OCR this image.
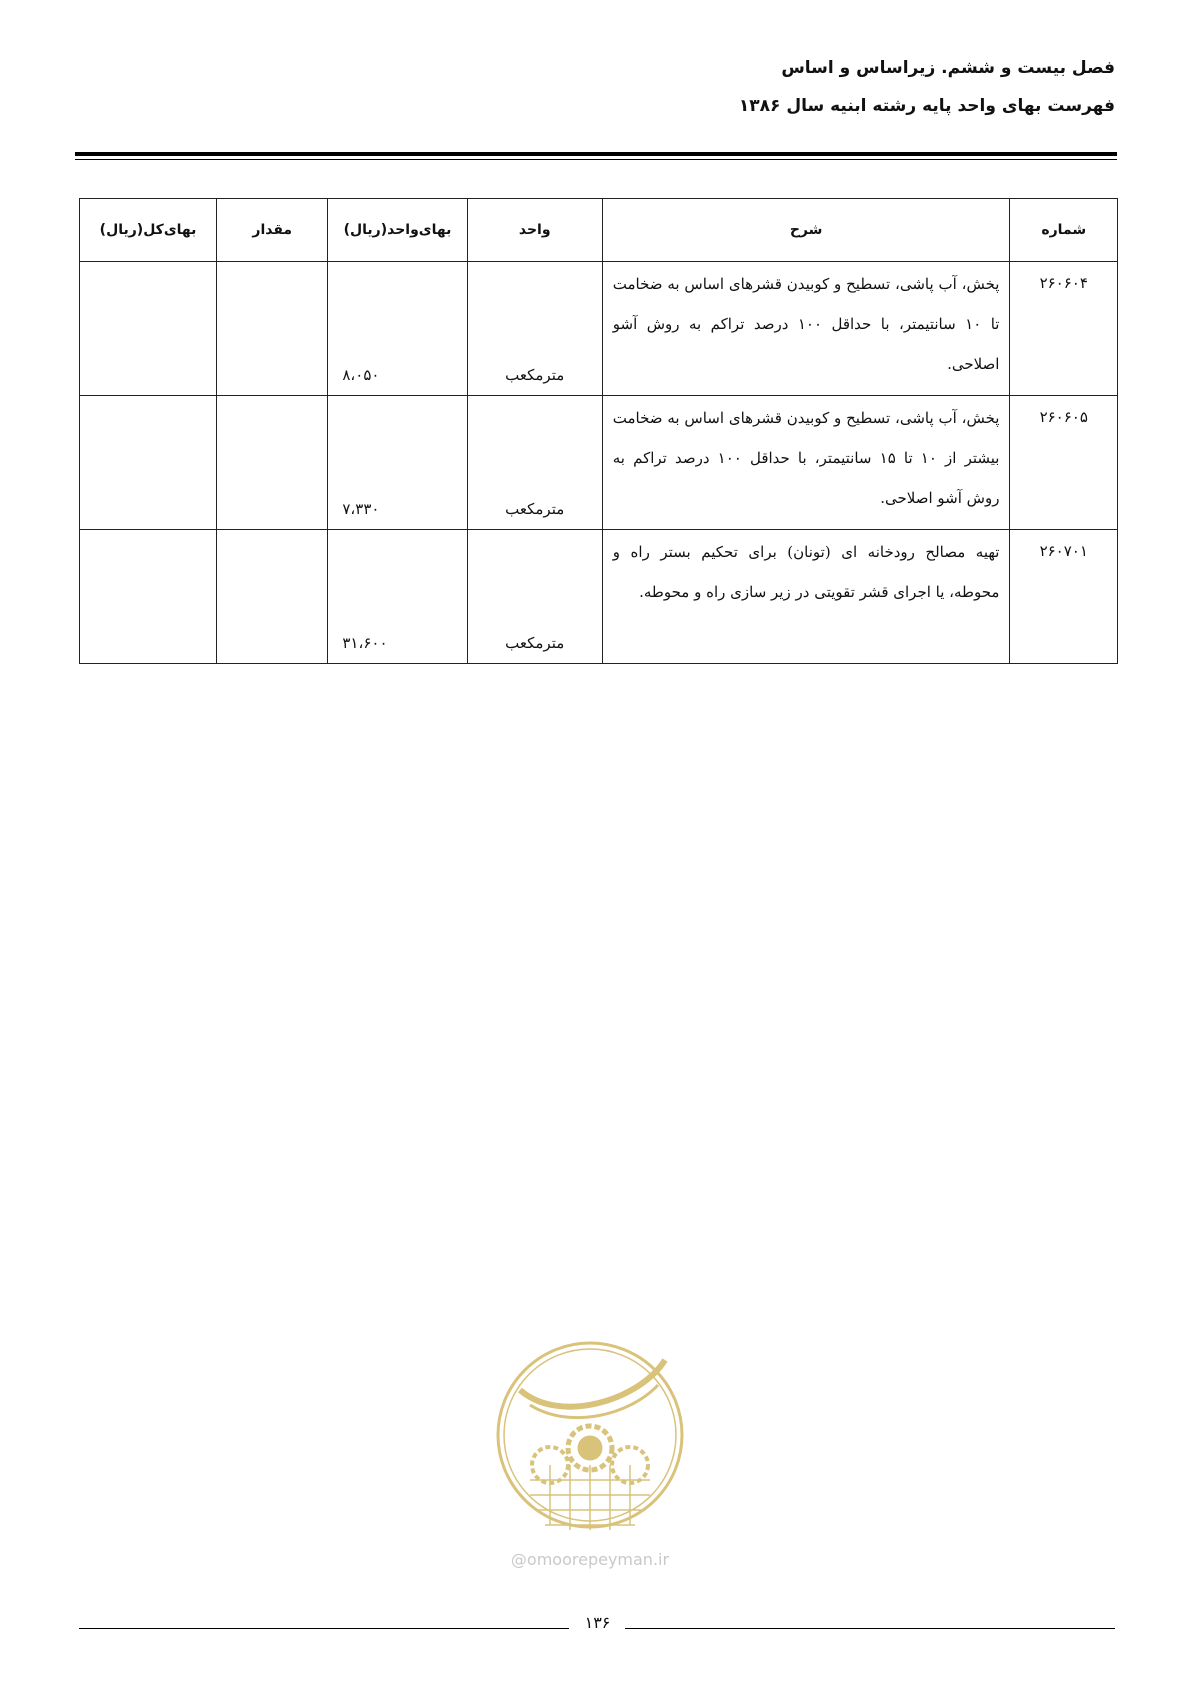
فصل بیست و ششم. زیراساس و اساس
فهرست بهای واحد پایه رشته ابنیه سال ۱۳۸۶
شماره	شرح	واحد	بهای‌واحد(ریال)	مقدار	بهای‌کل(ریال)
۲۶۰۶۰۴	پخش، آب پاشی، تسطیح و کوبیدن قشرهای اساس به ضخامت تا ۱۰ سانتیمتر، با حداقل ۱۰۰ درصد تراکم به روش آشو اصلاحی.	مترمکعب	۸،۰۵۰		

۲۶۰۶۰۵	پخش، آب پاشی، تسطیح و کوبیدن قشرهای اساس به ضخامت بیشتر از ۱۰ تا ۱۵ سانتیمتر، با حداقل ۱۰۰ درصد تراکم به روش آشو اصلاحی.	مترمکعب	۷،۳۳۰		

۲۶۰۷۰۱	تهیه مصالح رودخانه ای (تونان) برای تحکیم بستر راه و محوطه، یا اجرای قشر تقویتی در زیر سازی راه و محوطه.	مترمکعب	۳۱،۶۰۰		

@omoorepeyman.ir
۱۳۶
